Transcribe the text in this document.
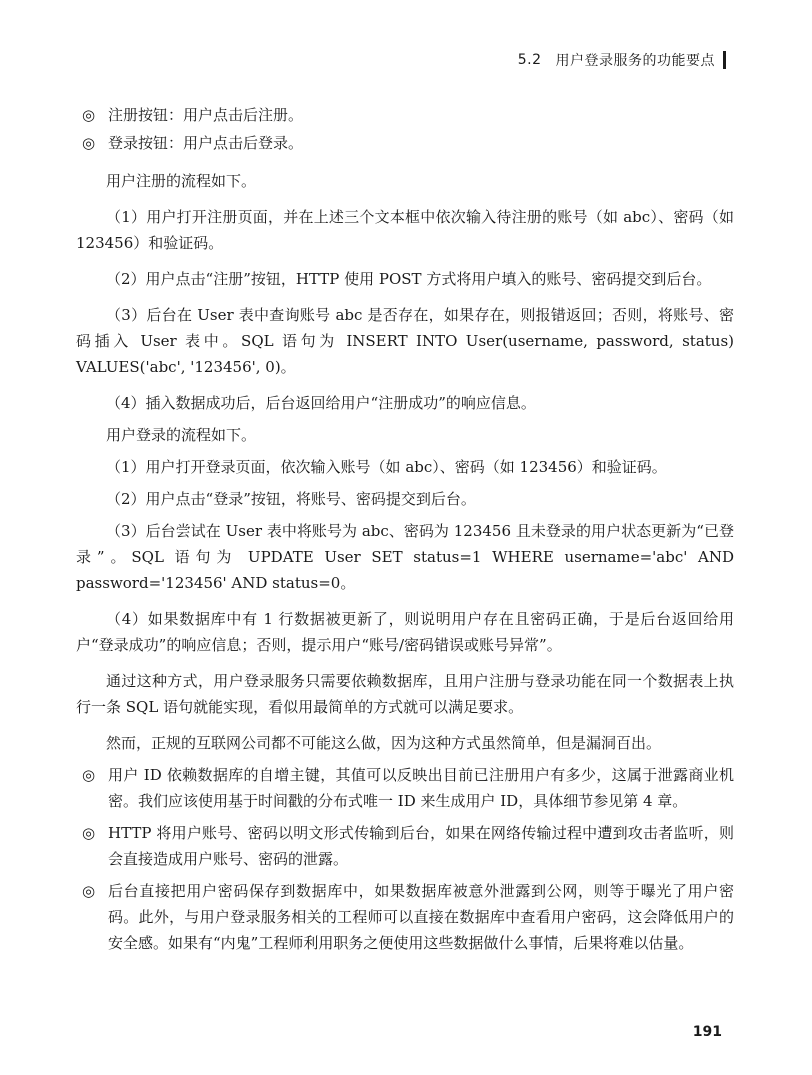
5.2 用户登录服务的功能要点
◎ 注册按钮：用户点击后注册。
◎ 登录按钮：用户点击后登录。

用户注册的流程如下。

（1）用户打开注册页面，并在上述三个文本框中依次输入待注册的账号（如 abc）、密码（如 123456）和验证码。

（2）用户点击“注册”按钮，HTTP 使用 POST 方式将用户填入的账号、密码提交到后台。

（3）后台在 User 表中查询账号 abc 是否存在，如果存在，则报错返回；否则，将账号、密码插入 User 表中。SQL 语句为 INSERT INTO User(username, password, status) VALUES('abc', '123456', 0)。

（4）插入数据成功后，后台返回给用户“注册成功”的响应信息。

用户登录的流程如下。

（1）用户打开登录页面，依次输入账号（如 abc）、密码（如 123456）和验证码。

（2）用户点击“登录”按钮，将账号、密码提交到后台。

（3）后台尝试在 User 表中将账号为 abc、密码为 123456 且未登录的用户状态更新为“已登录”。SQL 语句为 UPDATE User SET status=1 WHERE username='abc' AND password='123456' AND status=0。

（4）如果数据库中有 1 行数据被更新了，则说明用户存在且密码正确，于是后台返回给用户“登录成功”的响应信息；否则，提示用户“账号/密码错误或账号异常”。

通过这种方式，用户登录服务只需要依赖数据库，且用户注册与登录功能在同一个数据表上执行一条 SQL 语句就能实现，看似用最简单的方式就可以满足要求。

然而，正规的互联网公司都不可能这么做，因为这种方式虽然简单，但是漏洞百出。

◎ 用户 ID 依赖数据库的自增主键，其值可以反映出目前已注册用户有多少，这属于泄露商业机密。我们应该使用基于时间戳的分布式唯一 ID 来生成用户 ID，具体细节参见第 4 章。
◎ HTTP 将用户账号、密码以明文形式传输到后台，如果在网络传输过程中遭到攻击者监听，则会直接造成用户账号、密码的泄露。
◎ 后台直接把用户密码保存到数据库中，如果数据库被意外泄露到公网，则等于曝光了用户密码。此外，与用户登录服务相关的工程师可以直接在数据库中查看用户密码，这会降低用户的安全感。如果有“内鬼”工程师利用职务之便使用这些数据做什么事情，后果将难以估量。
191
